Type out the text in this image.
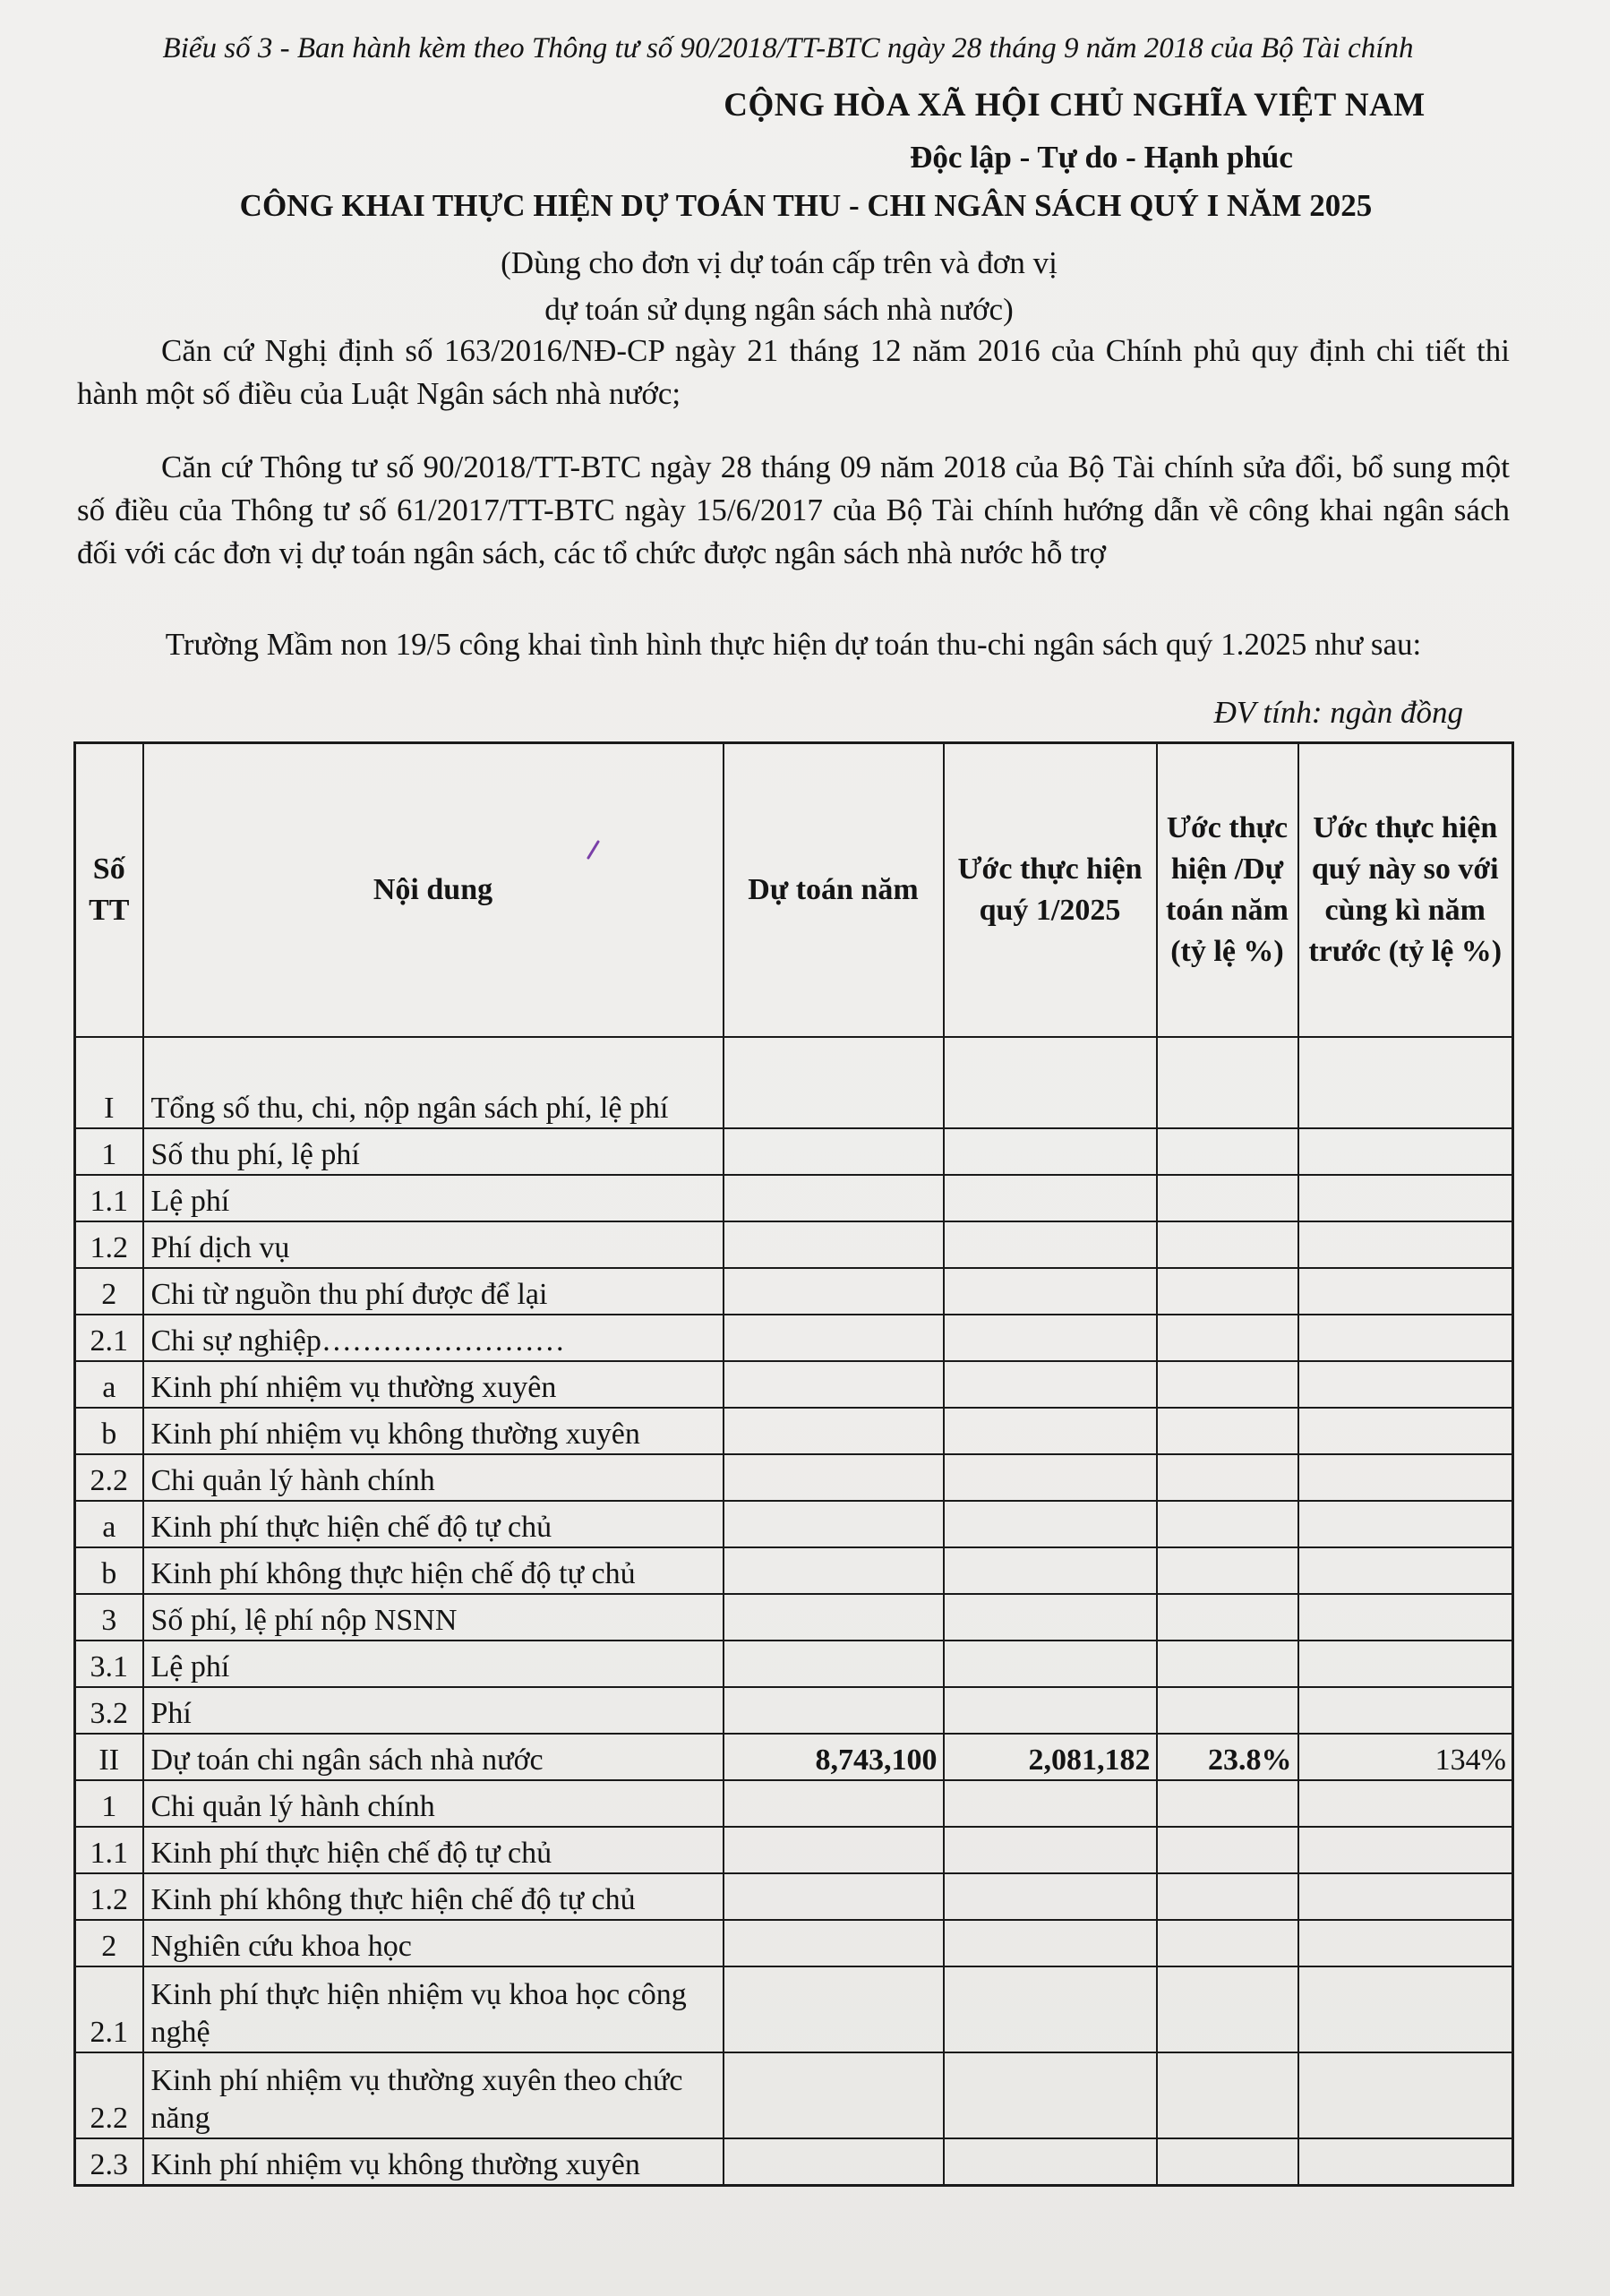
Biểu số 3 - Ban hành kèm theo Thông tư số 90/2018/TT-BTC ngày 28 tháng 9 năm 2018 của Bộ Tài chính
CỘNG HÒA XÃ HỘI CHỦ NGHĨA VIỆT NAM
Độc lập - Tự do - Hạnh phúc
CÔNG KHAI THỰC HIỆN DỰ TOÁN THU - CHI NGÂN SÁCH QUÝ I NĂM 2025
(Dùng cho đơn vị dự toán cấp trên và đơn vị
dự toán sử dụng ngân sách nhà nước)
Căn cứ Nghị định số 163/2016/NĐ-CP ngày 21 tháng 12 năm 2016 của Chính phủ quy định chi tiết thi hành một số điều của Luật Ngân sách nhà nước;
Căn cứ Thông tư số 90/2018/TT-BTC ngày 28 tháng 09 năm 2018 của Bộ Tài chính sửa đổi, bổ sung một số điều của Thông tư số 61/2017/TT-BTC ngày 15/6/2017 của Bộ Tài chính hướng dẫn về công khai ngân sách đối với các đơn vị dự toán ngân sách, các tổ chức được ngân sách nhà nước hỗ trợ
Trường Mầm non 19/5 công khai tình hình thực hiện dự toán thu-chi ngân sách quý 1.2025 như sau:
ĐV tính: ngàn đồng
Số TT	Nội dung	Dự toán năm	Ước thực hiện quý 1/2025	Ước thực hiện /Dự toán năm (tỷ lệ %)	Ước thực hiện quý này so với cùng kì năm trước (tỷ lệ %)
I	Tổng số thu, chi, nộp ngân sách phí, lệ phí				
1	Số thu phí, lệ phí				
1.1	Lệ phí				
1.2	Phí dịch vụ				
2	Chi từ nguồn thu phí được để lại				
2.1	Chi sự nghiệp……………………				
a	Kinh phí nhiệm vụ thường xuyên				
b	Kinh phí nhiệm vụ không thường xuyên				
2.2	Chi quản lý hành chính				
a	Kinh phí thực hiện chế độ tự chủ				
b	Kinh phí không thực hiện chế độ tự chủ				
3	Số phí, lệ phí nộp NSNN				
3.1	Lệ phí				
3.2	Phí				
II	Dự toán chi ngân sách nhà nước	8,743,100	2,081,182	23.8%	134%
1	Chi quản lý hành chính				
1.1	Kinh phí thực hiện chế độ tự chủ				
1.2	Kinh phí không thực hiện chế độ tự chủ				
2	Nghiên cứu khoa học				
2.1	Kinh phí thực hiện nhiệm vụ khoa học công nghệ				
2.2	Kinh phí nhiệm vụ thường xuyên theo chức năng				
2.3	Kinh phí nhiệm vụ không thường xuyên				
